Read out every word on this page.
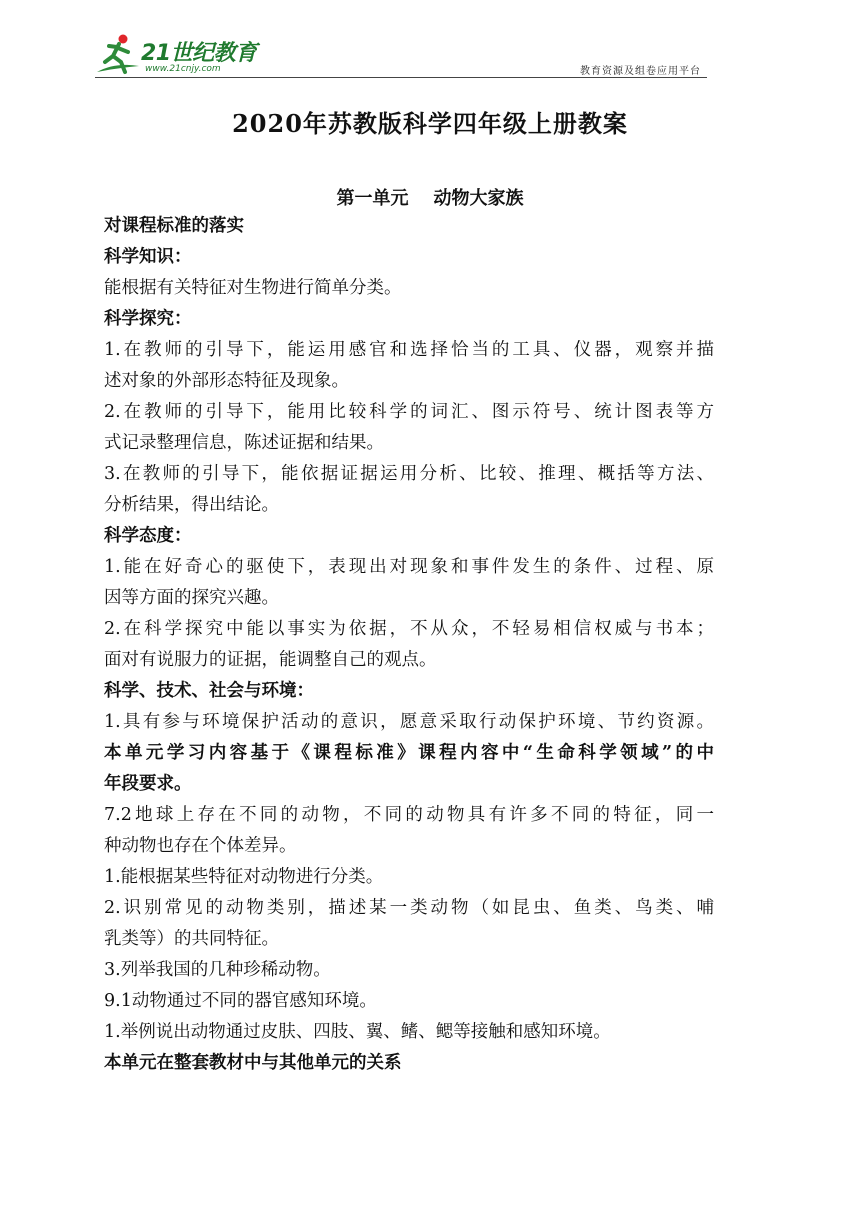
21世纪教育
www.21cnjy.com	教育资源及组卷应用平台
2020年苏教版科学四年级上册教案
第一单元    动物大家族

对课程标准的落实

科学知识：

能根据有关特征对生物进行简单分类。

科学探究：

1.在教师的引导下，能运用感官和选择恰当的工具、仪器，观察并描

述对象的外部形态特征及现象。

2.在教师的引导下，能用比较科学的词汇、图示符号、统计图表等方

式记录整理信息，陈述证据和结果。

3.在教师的引导下，能依据证据运用分析、比较、推理、概括等方法、

分析结果，得出结论。

科学态度：

1.能在好奇心的驱使下，表现出对现象和事件发生的条件、过程、原

因等方面的探究兴趣。

2.在科学探究中能以事实为依据，不从众，不轻易相信权威与书本；

面对有说服力的证据，能调整自己的观点。

科学、技术、社会与环境：

1.具有参与环境保护活动的意识，愿意采取行动保护环境、节约资源。

本单元学习内容基于《课程标准》课程内容中“生命科学领域”的中

年段要求。

7.2地球上存在不同的动物，不同的动物具有许多不同的特征，同一

种动物也存在个体差异。

1.能根据某些特征对动物进行分类。

2.识别常见的动物类别，描述某一类动物（如昆虫、鱼类、鸟类、哺

乳类等）的共同特征。

3.列举我国的几种珍稀动物。

9.1动物通过不同的器官感知环境。

1.举例说出动物通过皮肤、四肢、翼、鳍、鳃等接触和感知环境。

本单元在整套教材中与其他单元的关系
